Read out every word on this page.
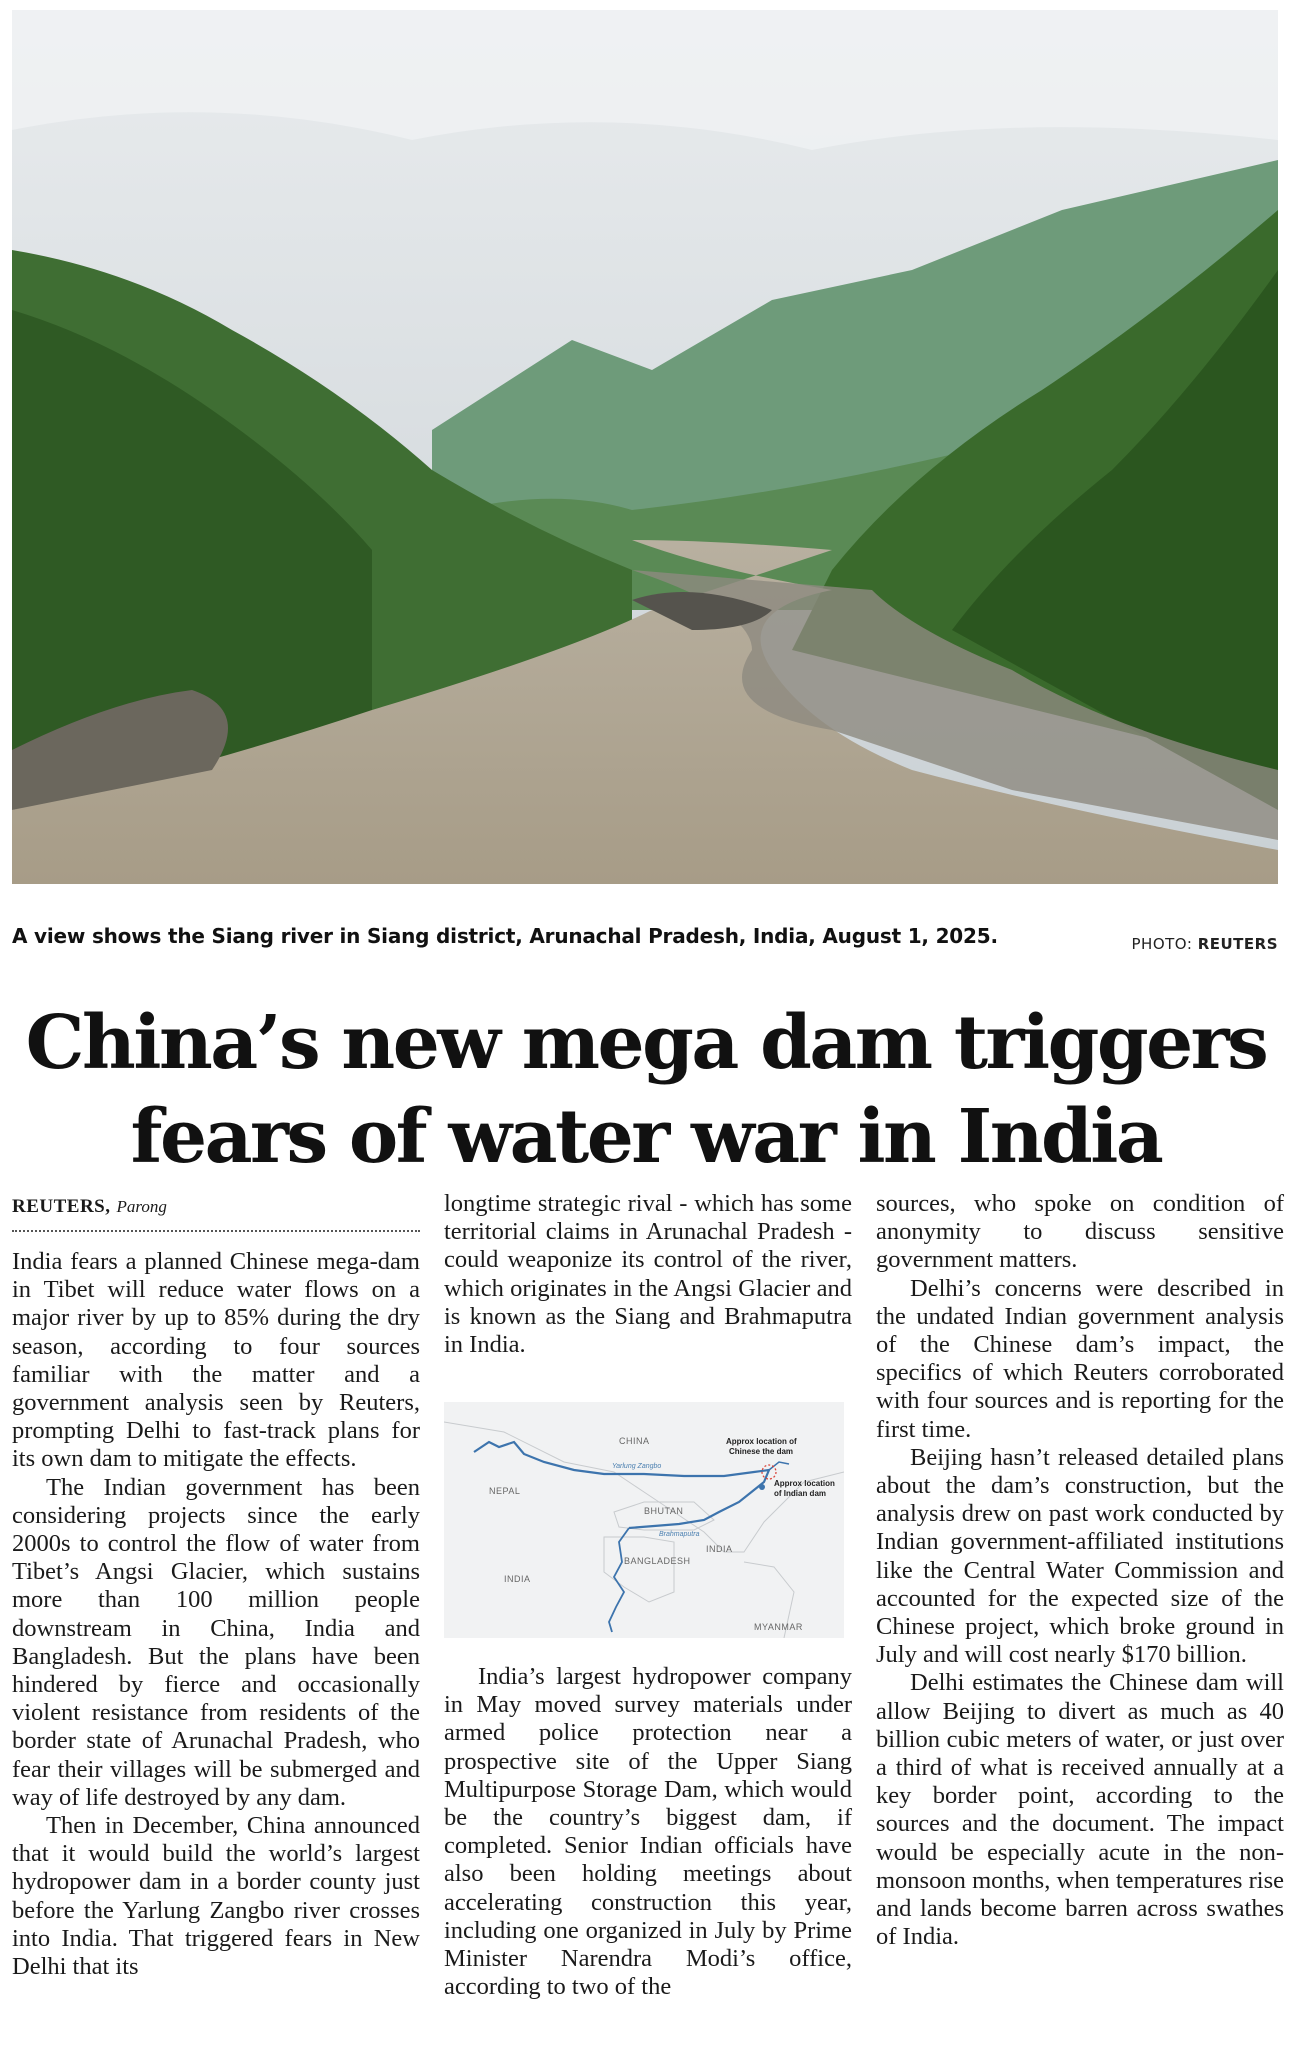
A view shows the Siang river in Siang district, Arunachal Pradesh, India, August 1, 2025.	PHOTO: REUTERS
China’s new mega dam triggers
fears of water war in India
REUTERS, Parong

India fears a planned Chinese mega-dam in Tibet will reduce water flows on a major river by up to 85% during the dry season, according to four sources familiar with the matter and a government analysis seen by Reuters, prompting Delhi to fast-track plans for its own dam to mitigate the effects.

The Indian government has been considering projects since the early 2000s to control the flow of water from Tibet’s Angsi Glacier, which sustains more than 100 million people downstream in China, India and Bangladesh. But the plans have been hindered by fierce and occasionally violent resistance from residents of the border state of Arunachal Pradesh, who fear their villages will be submerged and way of life destroyed by any dam.

Then in December, China announced that it would build the world’s largest hydropower dam in a border county just before the Yarlung Zangbo river crosses into India. That triggered fears in New Delhi that its

longtime strategic rival - which has some territorial claims in Arunachal Pradesh - could weaponize its control of the river, which originates in the Angsi Glacier and is known as the Siang and Brahmaputra in India.

CHINA
NEPAL
BHUTAN
INDIA
INDIA
BANGLADESH
MYANMAR
Yarlung Zangbo
Brahmaputra
Approx location of
Chinese the dam
Approx location
of Indian dam

India’s largest hydropower company in May moved survey materials under armed police protection near a prospective site of the Upper Siang Multipurpose Storage Dam, which would be the country’s biggest dam, if completed. Senior Indian officials have also been holding meetings about accelerating construction this year, including one organized in July by Prime Minister Narendra Modi’s office, according to two of the

sources, who spoke on condition of anonymity to discuss sensitive government matters.

Delhi’s concerns were described in the undated Indian government analysis of the Chinese dam’s impact, the specifics of which Reuters corroborated with four sources and is reporting for the first time.

Beijing hasn’t released detailed plans about the dam’s construction, but the analysis drew on past work conducted by Indian government-affiliated institutions like the Central Water Commission and accounted for the expected size of the Chinese project, which broke ground in July and will cost nearly $170 billion.

Delhi estimates the Chinese dam will allow Beijing to divert as much as 40 billion cubic meters of water, or just over a third of what is received annually at a key border point, according to the sources and the document. The impact would be especially acute in the non-monsoon months, when temperatures rise and lands become barren across swathes of India.
